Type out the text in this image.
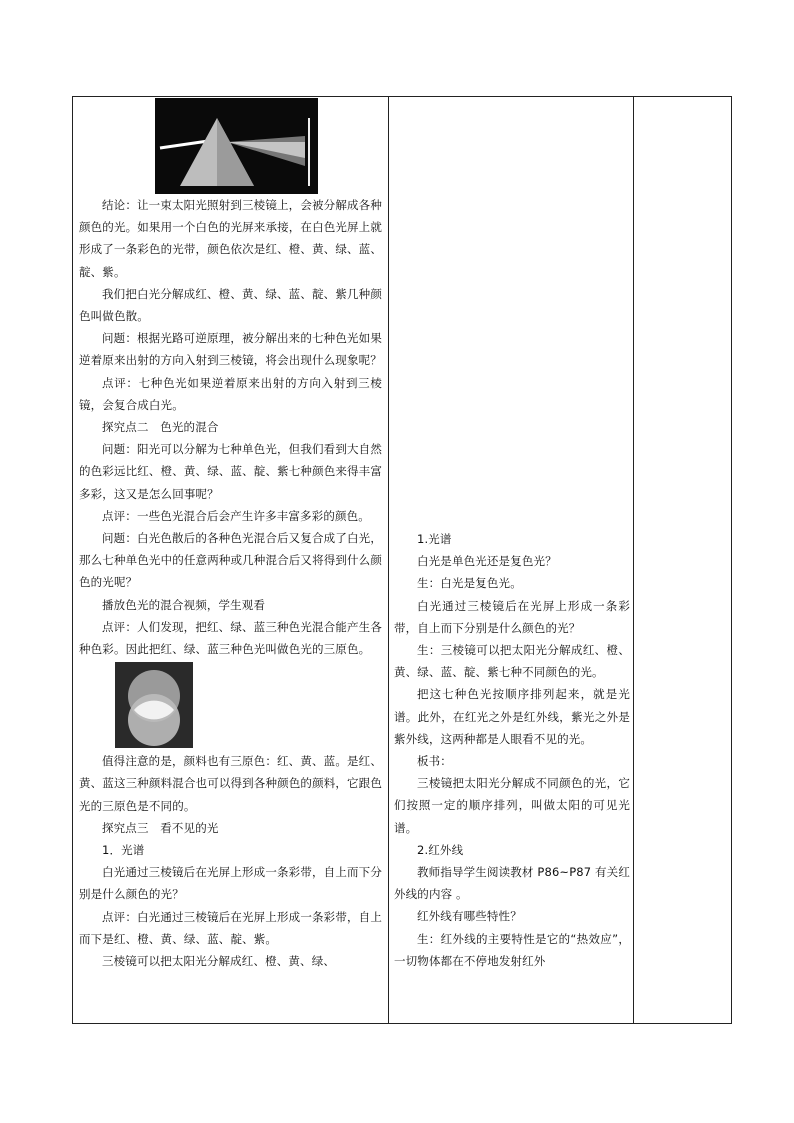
结论：让一束太阳光照射到三棱镜上，会被分解成各种颜色的光。如果用一个白色的光屏来承接，在白色光屏上就形成了一条彩色的光带，颜色依次是红、橙、黄、绿、蓝、靛、紫。

我们把白光分解成红、橙、黄、绿、蓝、靛、紫几种颜色叫做色散。

问题：根据光路可逆原理，被分解出来的七种色光如果逆着原来出射的方向入射到三棱镜，将会出现什么现象呢？

点评：七种色光如果逆着原来出射的方向入射到三棱镜，会复合成白光。

探究点二　色光的混合

问题：阳光可以分解为七种单色光，但我们看到大自然的色彩远比红、橙、黄、绿、蓝、靛、紫七种颜色来得丰富多彩，这又是怎么回事呢？

点评：一些色光混合后会产生许多丰富多彩的颜色。

问题：白光色散后的各种色光混合后又复合成了白光，那么七种单色光中的任意两种或几种混合后又将得到什么颜色的光呢？

播放色光的混合视频，学生观看

点评：人们发现，把红、绿、蓝三种色光混合能产生各种色彩。因此把红、绿、蓝三种色光叫做色光的三原色。

值得注意的是，颜料也有三原色：红、黄、蓝。是红、黄、蓝这三种颜料混合也可以得到各种颜色的颜料，它跟色光的三原色是不同的。

探究点三　看不见的光

1．光谱

白光通过三棱镜后在光屏上形成一条彩带，自上而下分别是什么颜色的光？

点评：白光通过三棱镜后在光屏上形成一条彩带，自上而下是红、橙、黄、绿、蓝、靛、紫。

三棱镜可以把太阳光分解成红、橙、黄、绿、

1.光谱

白光是单色光还是复色光？

生：白光是复色光。

白光通过三棱镜后在光屏上形成一条彩带，自上而下分别是什么颜色的光？

生：三棱镜可以把太阳光分解成红、橙、黄、绿、蓝、靛、紫七种不同颜色的光。

把这七种色光按顺序排列起来，就是光谱。此外，在红光之外是红外线，紫光之外是紫外线，这两种都是人眼看不见的光。

板书：

三棱镜把太阳光分解成不同颜色的光，它们按照一定的顺序排列，叫做太阳的可见光谱。

2.红外线

教师指导学生阅读教材 P86~P87 有关红外线的内容 。

红外线有哪些特性？

生：红外线的主要特性是它的“热效应”，一切物体都在不停地发射红外
